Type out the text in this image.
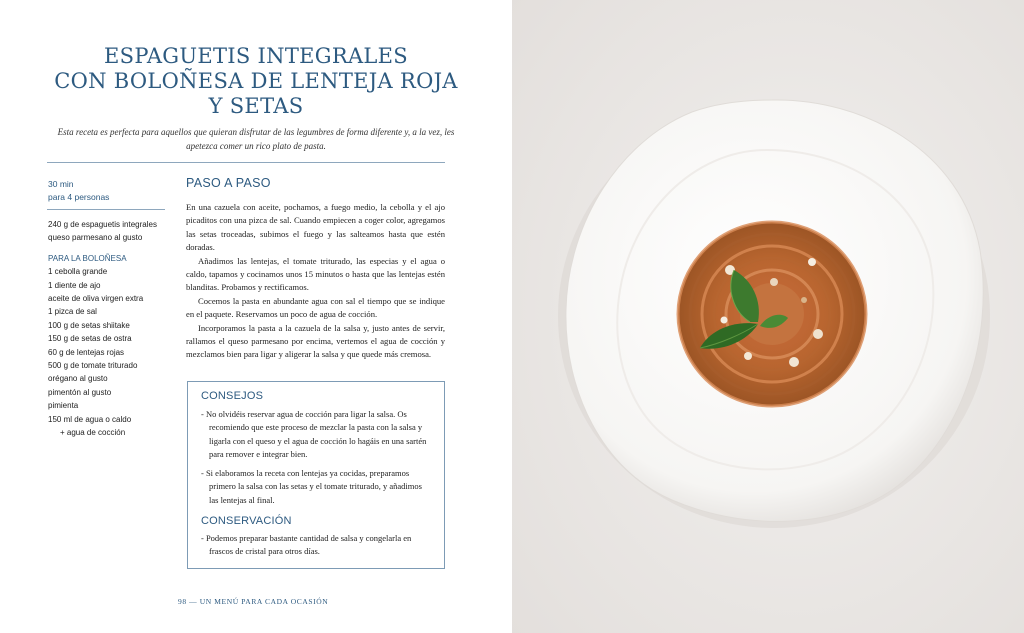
ESPAGUETIS INTEGRALES
CON BOLOÑESA DE LENTEJA ROJA
Y SETAS

Esta receta es perfecta para aquellos que quieran disfrutar de las legumbres de forma diferente y, a la vez, les apetezca comer un rico plato de pasta.

30 min
para 4 personas
240 g de espaguetis integrales
queso parmesano al gusto
PARA LA BOLOÑESA
1 cebolla grande
1 diente de ajo
aceite de oliva virgen extra
1 pizca de sal
100 g de setas shiitake
150 g de setas de ostra
60 g de lentejas rojas
500 g de tomate triturado
orégano al gusto
pimentón al gusto
pimienta
150 ml de agua o caldo
+ agua de cocción
PASO A PASO

En una cazuela con aceite, pochamos, a fuego medio, la cebolla y el ajo picaditos con una pizca de sal. Cuando empiecen a coger color, agregamos las setas troceadas, subimos el fuego y las salteamos hasta que estén doradas.

Añadimos las lentejas, el tomate triturado, las especias y el agua o caldo, tapamos y cocinamos unos 15 minutos o hasta que las lentejas estén blanditas. Probamos y rectificamos.

Cocemos la pasta en abundante agua con sal el tiempo que se indique en el paquete. Reservamos un poco de agua de cocción.

Incorporamos la pasta a la cazuela de la salsa y, justo antes de servir, rallamos el queso parmesano por encima, vertemos el agua de cocción y mezclamos bien para ligar y aligerar la salsa y que quede más cremosa.

CONSEJOS
- No olvidéis reservar agua de cocción para ligar la salsa. Os recomiendo que este proceso de mezclar la pasta con la salsa y ligarla con el queso y el agua de cocción lo hagáis en una sartén para remover e integrar bien.
- Si elaboramos la receta con lentejas ya cocidas, preparamos primero la salsa con las setas y el tomate triturado, y añadimos las lentejas al final.
CONSERVACIÓN
- Podemos preparar bastante cantidad de salsa y congelarla en frascos de cristal para otros días.
98 — UN MENÚ PARA CADA OCASIÓN
